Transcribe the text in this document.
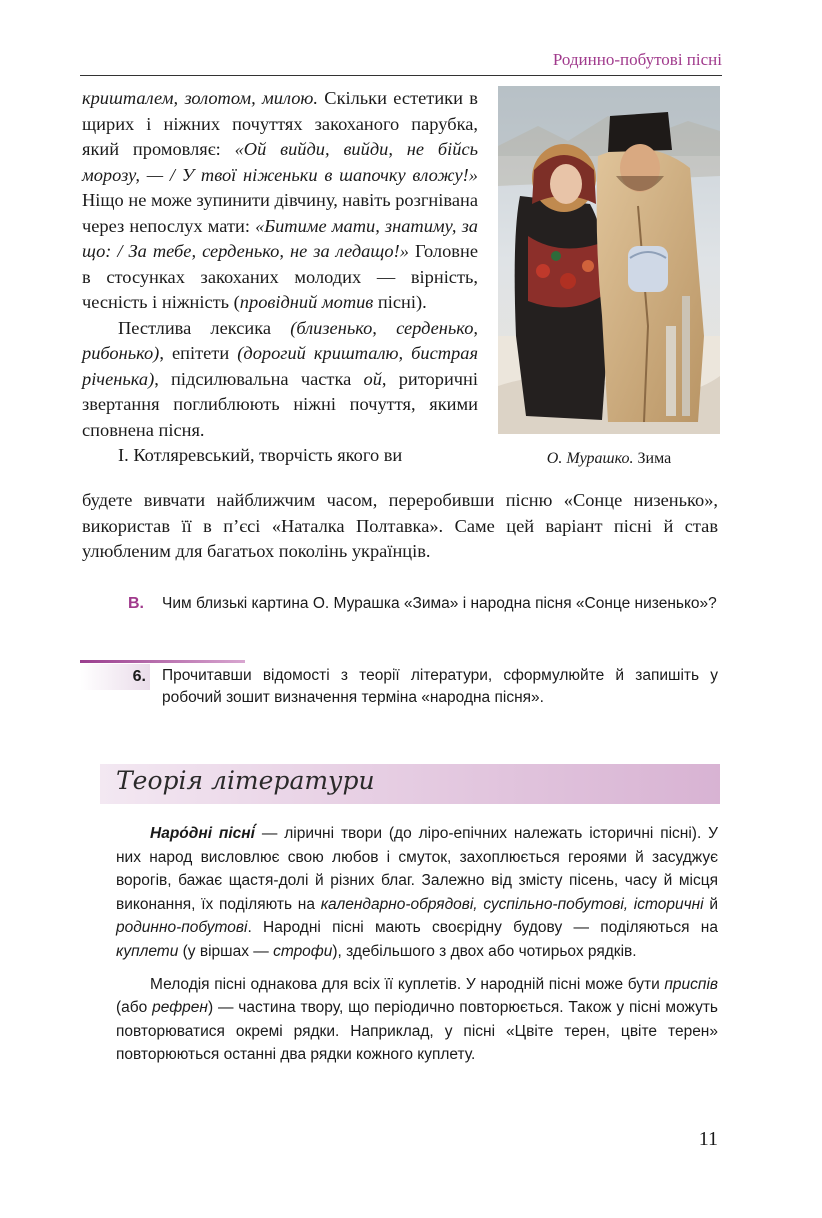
Родинно-побутові пісні

кришталем, золотом, милою. Скільки естетики в щирих і ніжних почуттях закоханого парубка, який промовляє: «Ой вийди, вийди, не бійсь морозу, — / У твої ніженьки в шапочку вложу!» Ніщо не може зупинити дівчину, навіть розгнівана через непослух мати: «Битиме мати, знатиму, за що: / За тебе, серденько, не за ледащо!» Головне в стосунках закоханих молодих — вірність, чесність і ніжність (провідний мотив пісні).

Пестлива лексика (близенько, серденько, рибонько), епітети (дорогий кришталю, бистрая річенька), підсилювальна частка ой, риторичні звертання поглиблюють ніжні почуття, якими сповнена пісня.

І. Котляревський, творчість якого ви	О. Мурашко. Зима

будете вивчати найближчим часом, переробивши пісню «Сонце низенько», використав її в п’єсі «Наталка Полтавка». Саме цей варіант пісні й став улюбленим для багатьох поколінь українців.

В. Чим близькі картина О. Мурашка «Зима» і народна пісня «Сонце низенько»?
6. Прочитавши відомості з теорії літератури, сформулюйте й запишіть у робочий зошит визначення терміна «народна пісня».
Теорія літератури

Наро́дні пісні́ — ліричні твори (до ліро-епічних належать історичні пісні). У них народ висловлює свою любов і смуток, захоплюється героями й засуджує ворогів, бажає щастя-долі й різних благ. Залежно від змісту пісень, часу й місця виконання, їх поділяють на календарно-обрядові, суспільно-побутові, історичні й родинно-побутові. Народні пісні мають своєрідну будову — поділяються на куплети (у віршах — строфи), здебільшого з двох або чотирьох рядків.

Мелодія пісні однакова для всіх її куплетів. У народній пісні може бути приспів (або рефрен) — частина твору, що періодично повторюється. Також у пісні можуть повторюватися окремі рядки. Наприклад, у пісні «Цвіте терен, цвіте терен» повторюються останні два рядки кожного куплету.

11
